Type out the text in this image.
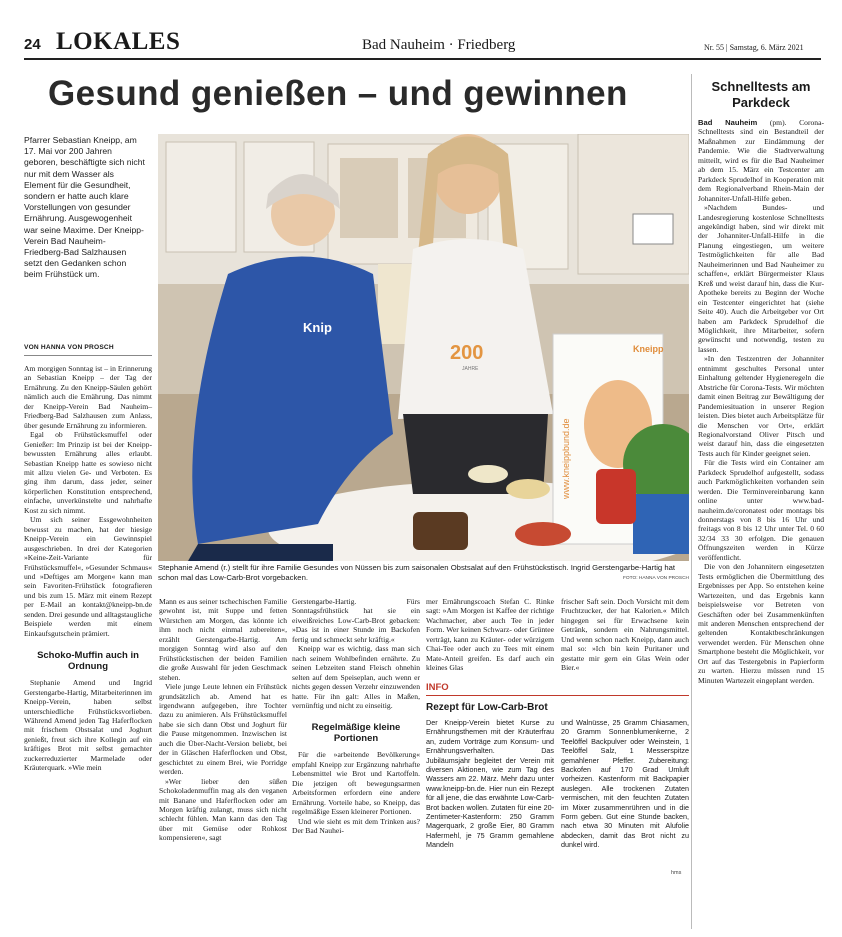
24 LOKALES	Bad Nauheim · Friedberg	Nr. 55 | Samstag, 6. März 2021
Gesund genießen – und gewinnen
Pfarrer Sebastian Kneipp, am 17. Mai vor 200 Jahren geboren, beschäftigte sich nicht nur mit dem Wasser als Element für die Gesundheit, sondern er hatte auch klare Vorstellungen von gesunder Ernährung. Ausgewogenheit war seine Maxime. Der Kneipp-Verein Bad Nauheim-Friedberg-Bad Salzhausen setzt den Gedanken schon beim Frühstück um.
VON HANNA VON PROSCH
Knip
200
JAHRE
Kneipp
www.kneippbund.de
Stephanie Amend (r.) stellt für ihre Familie Gesundes von Nüssen bis zum saisonalen Obstsalat auf den Frühstückstisch. Ingrid Gerstengarbe-Hartig hat schon mal das Low-Carb-Brot vorgebacken.	FOTO: HANNA VON PROSCH

Am morgigen Sonntag ist – in Erinnerung an Sebastian Kneipp – der Tag der Ernährung. Zu den Kneipp-Säulen gehört nämlich auch die Ernährung. Das nimmt der Kneipp-Verein Bad Nauheim–Friedberg-Bad Salzhausen zum Anlass, über gesunde Ernährung zu informieren.

Egal ob Frühstücksmuffel oder Genießer: Im Prinzip ist bei der Kneipp-bewussten Ernährung alles erlaubt. Sebastian Kneipp hatte es sowieso nicht mit allzu vielen Ge- und Verboten. Es ging ihm darum, dass jeder, seiner körperlichen Konstitution entsprechend, einfache, unverkünstelte und nahrhafte Kost zu sich nimmt.

Um sich seiner Essgewohnheiten bewusst zu machen, hat der hiesige Kneipp-Verein ein Gewinnspiel ausgeschrieben. In drei der Kategorien »Keine-Zeit-Variante für Frühstücksmuffel«, »Gesunder Schmaus« und »Deftiges am Morgen« kann man sein Favoriten-Frühstück fotografieren und bis zum 15. März mit einem Rezept per E-Mail an kontakt@kneipp-bn.de senden. Drei gesunde und alltagstaugliche Beispiele werden mit einem Einkaufsgutschein prämiert.

Schoko-Muffin auch in Ordnung

Stephanie Amend und Ingrid Gerstengarbe-Hartig, Mitarbeiterinnen im Kneipp-Verein, haben selbst unterschiedliche Frühstücksvorlieben. Während Amend jeden Tag Haferflocken mit frischem Obstsalat und Joghurt genießt, freut sich ihre Kollegin auf ein kräftiges Brot mit selbst gemachter zuckerreduzierter Marmelade oder Kräuterquark. »Wie mein

Mann es aus seiner tschechischen Familie gewohnt ist, mit Suppe und fetten Würstchen am Morgen, das könnte ich ihm noch nicht einmal zubereiten«, erzählt Gerstengarbe-Hartig. Am morgigen Sonntag wird also auf den Frühstückstischen der beiden Familien die große Auswahl für jeden Geschmack stehen.

Viele junge Leute lehnen ein Frühstück grundsätzlich ab. Amend hat es irgendwann aufgegeben, ihre Tochter dazu zu animieren. Als Frühstücksmuffel habe sie sich dann Obst und Joghurt für die Pause mitgenommen. Inzwischen ist auch die Über-Nacht-Version beliebt, bei der in Gläschen Haferflocken und Obst, geschichtet zu einem Brei, wie Porridge werden.

»Wer lieber den süßen Schokoladenmuffin mag als den veganen mit Banane und Haferflocken oder am Morgen kräftig zulangt, muss sich nicht schlecht fühlen. Man kann das den Tag über mit Gemüse oder Rohkost kompensieren«, sagt

Gerstengarbe-Hartig. Fürs Sonntagsfrühstück hat sie ein eiweißreiches Low-Carb-Brot gebacken: »Das ist in einer Stunde im Backofen fertig und schmeckt sehr kräftig.«

Kneipp war es wichtig, dass man sich nach seinem Wohlbefinden ernährte. Zu seinen Lebzeiten stand Fleisch ohnehin selten auf dem Speiseplan, auch wenn er nichts gegen dessen Verzehr einzuwenden hatte. Für ihn galt: Alles in Maßen, vernünftig und nicht zu einseitig.

Regelmäßige kleine Portionen

Für die »arbeitende Bevölkerung« empfahl Kneipp zur Ergänzung nahrhafte Lebensmittel wie Brot und Kartoffeln. Die jetzigen oft bewegungsarmen Arbeitsformen erfordern eine andere Ernährung. Vorteile habe, so Kneipp, das regelmäßige Essen kleinerer Portionen.

Und wie sieht es mit dem Trinken aus? Der Bad Nauhei-

mer Ernährungscoach Stefan C. Rinke sagt: »Am Morgen ist Kaffee der richtige Wachmacher, aber auch Tee in jeder Form. Wer keinen Schwarz- oder Grüntee verträgt, kann zu Kräuter- oder würzigem Chai-Tee oder auch zu Tees mit einem Mate-Anteil greifen. Es darf auch ein kleines Glas

frischer Saft sein. Doch Vorsicht mit dem Fruchtzucker, der hat Kalorien.« Milch hingegen sei für Erwachsene kein Getränk, sondern ein Nahrungsmittel. Und wenn schon nach Kneipp, dann auch mal so: »Ich bin kein Puritaner und gestatte mir gern ein Glas Wein oder Bier.«

INFO
Rezept für Low-Carb-Brot
Der Kneipp-Verein bietet Kurse zu Ernährungsthemen mit der Kräuterfrau an, zudem Vorträge zum Konsum- und Ernährungsverhalten. Das Jubiläumsjahr begleitet der Verein mit diversen Aktionen, wie zum Tag des Wassers am 22. März. Mehr dazu unter www.kneipp-bn.de. Hier nun ein Rezept für all jene, die das erwähnte Low-Carb-Brot backen wollen. Zutaten für eine 20-Zentimeter-Kastenform: 250 Gramm Magerquark, 2 große Eier, 80 Gramm Hafermehl, je 75 Gramm gemahlene Mandeln
und Walnüsse, 25 Gramm Chiasamen, 20 Gramm Sonnenblumenkerne, 2 Teelöffel Backpulver oder Weinstein, 1 Teelöffel Salz, 1 Messerspitze gemahlener Pfeffer. Zubereitung: Backofen auf 170 Grad Umluft vorheizen. Kastenform mit Backpapier auslegen. Alle trockenen Zutaten vermischen, mit den feuchten Zutaten im Mixer zusammenrühren und in die Form geben. Gut eine Stunde backen, nach etwa 30 Minuten mit Alufolie abdecken, damit das Brot nicht zu dunkel wird.
hms
Schnelltests am Parkdeck

Bad Nauheim (pm). Corona-Schnelltests sind ein Bestandteil der Maßnahmen zur Eindämmung der Pandemie. Wie die Stadtverwaltung mitteilt, wird es für die Bad Nauheimer ab dem 15. März ein Testcenter am Parkdeck Sprudelhof in Kooperation mit dem Regionalverband Rhein-Main der Johanniter-Unfall-Hilfe geben.

»Nachdem Bundes- und Landesregierung kostenlose Schnelltests angekündigt haben, sind wir direkt mit der Johanniter-Unfall-Hilfe in die Planung eingestiegen, um weitere Testmöglichkeiten für alle Bad Nauheimerinnen und Bad Nauheimer zu schaffen«, erklärt Bürgermeister Klaus Kreß und weist darauf hin, dass die Kur-Apotheke bereits zu Beginn der Woche ein Testcenter eingerichtet hat (siehe Seite 40). Auch die Arbeitgeber vor Ort haben am Parkdeck Sprudelhof die Möglichkeit, ihre Mitarbeiter, sofern gewünscht und notwendig, testen zu lassen.

»In den Testzentren der Johanniter entnimmt geschultes Personal unter Einhaltung geltender Hygieneregeln die Abstriche für Corona-Tests. Wir möchten damit einen Beitrag zur Bewältigung der Pandemiesituation in unserer Region leisten. Dies bietet auch Arbeitsplätze für die Menschen vor Ort«, erklärt Regionalvorstand Oliver Pitsch und weist darauf hin, dass die eingesetzten Tests auch für Kinder geeignet seien.

Für die Tests wird ein Container am Parkdeck Sprudelhof aufgestellt, sodass auch Parkmöglichkeiten vorhanden sein werden. Die Terminvereinbarung kann online unter www.bad-nauheim.de/coronatest oder montags bis donnerstags von 8 bis 16 Uhr und freitags von 8 bis 12 Uhr unter Tel. 0 60 32/34 33 30 erfolgen. Die genauen Öffnungszeiten werden in Kürze veröffentlicht.

Die von den Johannitern eingesetzten Tests ermöglichen die Übermittlung des Ergebnisses per App. So entstehen keine Wartezeiten, und das Ergebnis kann beispielsweise vor Betreten von Geschäften oder bei Zusammenkünften mit anderen Menschen entsprechend der geltenden Kontaktbeschränkungen verwendet werden. Für Menschen ohne Smartphone besteht die Möglichkeit, vor Ort auf das Testergebnis in Papierform zu warten. Hierzu müssen rund 15 Minuten Wartezeit eingeplant werden.
